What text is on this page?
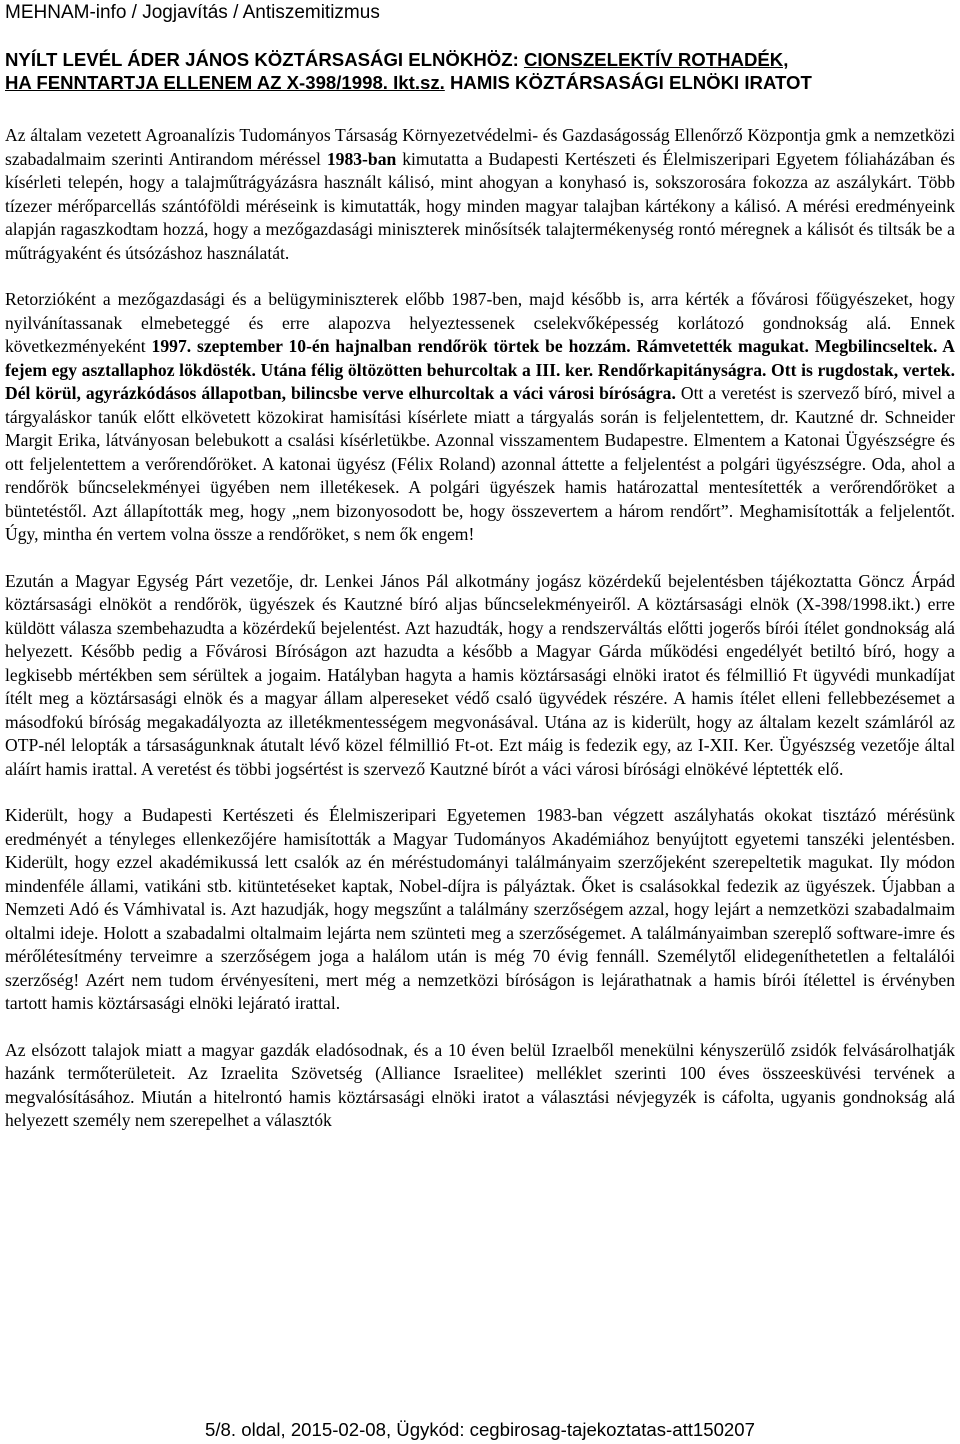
MEHNAM-info / Jogjavítás / Antiszemitizmus
NYÍLT LEVÉL ÁDER JÁNOS KÖZTÁRSASÁGI ELNÖKHÖZ: CIONSZELEKTÍV ROTHADÉK,
HA FENNTARTJA ELLENEM AZ X-398/1998. Ikt.sz. HAMIS KÖZTÁRSASÁGI ELNÖKI IRATOT

Az általam vezetett Agroanalízis Tudományos Társaság Környezetvédelmi- és Gazdaságosság Ellenőrző Központja gmk a nemzetközi szabadalmaim szerinti Antirandom méréssel 1983-ban kimutatta a Budapesti Kertészeti és Élelmiszeripari Egyetem fóliaházában és kísérleti telepén, hogy a talajműtrágyázásra használt kálisó, mint ahogyan a konyhasó is, sokszorosára fokozza az aszálykárt. Több tízezer mérőparcellás szántóföldi méréseink is kimutatták, hogy minden magyar talajban kártékony a kálisó. A mérési eredményeink alapján ragaszkodtam hozzá, hogy a mezőgazdasági miniszterek minősítsék talajtermékenység rontó méregnek a kálisót és tiltsák be a műtrágyaként és útsózáshoz használatát.

Retorzióként a mezőgazdasági és a belügyminiszterek előbb 1987-ben, majd később is, arra kérték a fővárosi főügyészeket, hogy nyilvánítassanak elmebeteggé és erre alapozva helyeztessenek cselekvőképesség korlátozó gondnokság alá. Ennek következményeként 1997. szeptember 10-én hajnalban rendőrök törtek be hozzám. Rámvetették magukat. Megbilincseltek. A fejem egy asztallaphoz lökdösték. Utána félig öltözötten behurcoltak a III. ker. Rendőrkapitányságra. Ott is rugdostak, vertek. Dél körül, agyrázkódásos állapotban, bilincsbe verve elhurcoltak a váci városi bíróságra. Ott a veretést is szervező bíró, mivel a tárgyaláskor tanúk előtt elkövetett közokirat hamisítási kísérlete miatt a tárgyalás során is feljelentettem, dr. Kautzné dr. Schneider Margit Erika, látványosan belebukott a csalási kísérletükbe. Azonnal visszamentem Budapestre. Elmentem a Katonai Ügyészségre és ott feljelentettem a verőrendőröket. A katonai ügyész (Félix Roland) azonnal áttette a feljelentést a polgári ügyészségre. Oda, ahol a rendőrök bűncselekményei ügyében nem illetékesek. A polgári ügyészek hamis határozattal mentesítették a verőrendőröket a büntetéstől. Azt állapították meg, hogy „nem bizonyosodott be, hogy összevertem a három rendőrt”. Meghamisították a feljelentőt. Úgy, mintha én vertem volna össze a rendőröket, s nem ők engem!

Ezután a Magyar Egység Párt vezetője, dr. Lenkei János Pál alkotmány jogász közérdekű bejelentésben tájékoztatta Göncz Árpád köztársasági elnököt a rendőrök, ügyészek és Kautzné bíró aljas bűncselekményeiről. A köztársasági elnök (X-398/1998.ikt.) erre küldött válasza szembehazudta a közérdekű bejelentést. Azt hazudták, hogy a rendszerváltás előtti jogerős bírói ítélet gondnokság alá helyezett. Később pedig a Fővárosi Bíróságon azt hazudta a később a Magyar Gárda működési engedélyét betiltó bíró, hogy a legkisebb mértékben sem sérültek a jogaim. Hatályban hagyta a hamis köztársasági elnöki iratot és félmillió Ft ügyvédi munkadíjat ítélt meg a köztársasági elnök és a magyar állam alpereseket védő csaló ügyvédek részére. A hamis ítélet elleni fellebbezésemet a másodfokú bíróság megakadályozta az illetékmentességem megvonásával. Utána az is kiderült, hogy az általam kezelt számláról az OTP-nél lelopták a társaságunknak átutalt lévő közel félmillió Ft-ot. Ezt máig is fedezik egy, az I-XII. Ker. Ügyészség vezetője által aláírt hamis irattal. A veretést és többi jogsértést is szervező Kautzné bírót a váci városi bírósági elnökévé léptették elő.

Kiderült, hogy a Budapesti Kertészeti és Élelmiszeripari Egyetemen 1983-ban végzett aszályhatás okokat tisztázó mérésünk eredményét a tényleges ellenkezőjére hamisították a Magyar Tudományos Akadémiához benyújtott egyetemi tanszéki jelentésben. Kiderült, hogy ezzel akadémikussá lett csalók az én méréstudományi találmányaim szerzőjeként szerepeltetik magukat. Ily módon mindenféle állami, vatikáni stb. kitüntetéseket kaptak, Nobel-díjra is pályáztak. Őket is csalásokkal fedezik az ügyészek. Újabban a Nemzeti Adó és Vámhivatal is. Azt hazudják, hogy megszűnt a találmány szerzőségem azzal, hogy lejárt a nemzetközi szabadalmaim oltalmi ideje. Holott a szabadalmi oltalmaim lejárta nem szünteti meg a szerzőségemet. A találmányaimban szereplő software-imre és mérőlétesítmény terveimre a szerzőségem joga a halálom után is még 70 évig fennáll. Személytől elidegeníthetetlen a feltalálói szerzőség! Azért nem tudom érvényesíteni, mert még a nemzetközi bíróságon is lejárathatnak a hamis bírói ítélettel is érvényben tartott hamis köztársasági elnöki lejárató irattal.

Az elsózott talajok miatt a magyar gazdák eladósodnak, és a 10 éven belül Izraelből menekülni kényszerülő zsidók felvásárolhatják hazánk termőterületeit. Az Izraelita Szövetség (Alliance Israelitee) melléklet szerinti 100 éves összeesküvési tervének a megvalósításához. Miután a hitelrontó hamis köztársasági elnöki iratot a választási névjegyzék is cáfolta, ugyanis gondnokság alá helyezett személy nem szerepelhet a választók

5/8. oldal, 2015-02-08, Ügykód: cegbirosag-tajekoztatas-att150207
